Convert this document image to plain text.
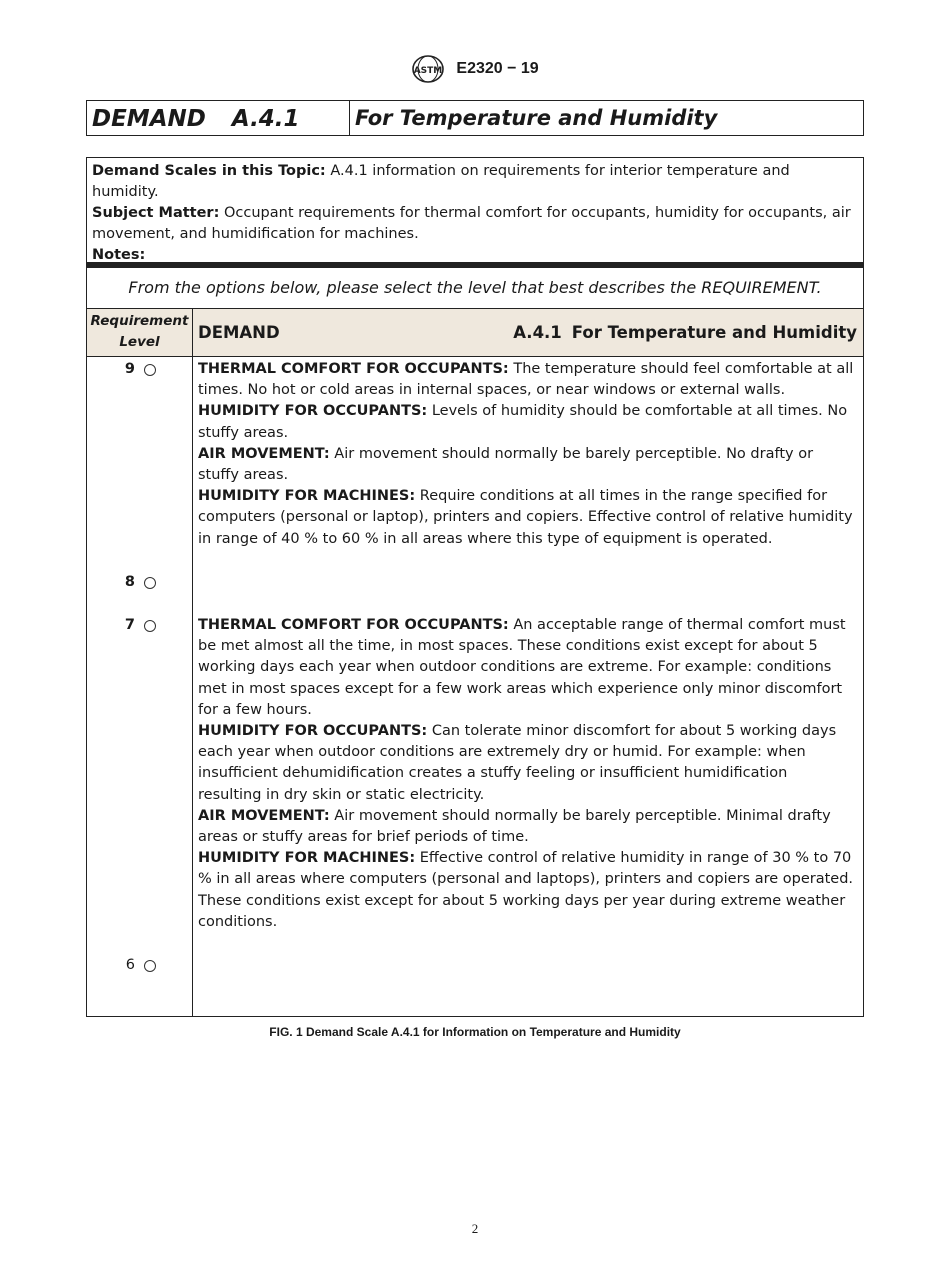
ASTM E2320 − 19
DEMAND A.4.1	For Temperature and Humidity
Demand Scales in this Topic: A.4.1 information on requirements for interior temperature and humidity.
Subject Matter: Occupant requirements for thermal comfort for occupants, humidity for occupants, air movement, and humidification for machines.
Notes:
From the options below, please select the level that best describes the REQUIREMENT.
Requirement
Level	DEMAND	A.4.1 For Temperature and Humidity
9	THERMAL COMFORT FOR OCCUPANTS: The temperature should feel comfortable at all times. No hot or cold areas in internal spaces, or near windows or external walls.
HUMIDITY FOR OCCUPANTS: Levels of humidity should be comfortable at all times. No stuffy areas.
AIR MOVEMENT: Air movement should normally be barely perceptible. No drafty or stuffy areas.
HUMIDITY FOR MACHINES: Require conditions at all times in the range specified for computers (personal or laptop), printers and copiers. Effective control of relative humidity in range of 40 % to 60 % in all areas where this type of equipment is operated.
8
7	THERMAL COMFORT FOR OCCUPANTS: An acceptable range of thermal comfort must be met almost all the time, in most spaces. These conditions exist except for about 5 working days each year when outdoor conditions are extreme. For example: conditions met in most spaces except for a few work areas which experience only minor discomfort for a few hours.
HUMIDITY FOR OCCUPANTS: Can tolerate minor discomfort for about 5 working days each year when outdoor conditions are extremely dry or humid. For example: when insufficient dehumidification creates a stuffy feeling or insufficient humidification resulting in dry skin or static electricity.
AIR MOVEMENT: Air movement should normally be barely perceptible. Minimal drafty areas or stuffy areas for brief periods of time.
HUMIDITY FOR MACHINES: Effective control of relative humidity in range of 30 % to 70 % in all areas where computers (personal and laptops), printers and copiers are operated. These conditions exist except for about 5 working days per year during extreme weather conditions.
6
FIG. 1 Demand Scale A.4.1 for Information on Temperature and Humidity
2
